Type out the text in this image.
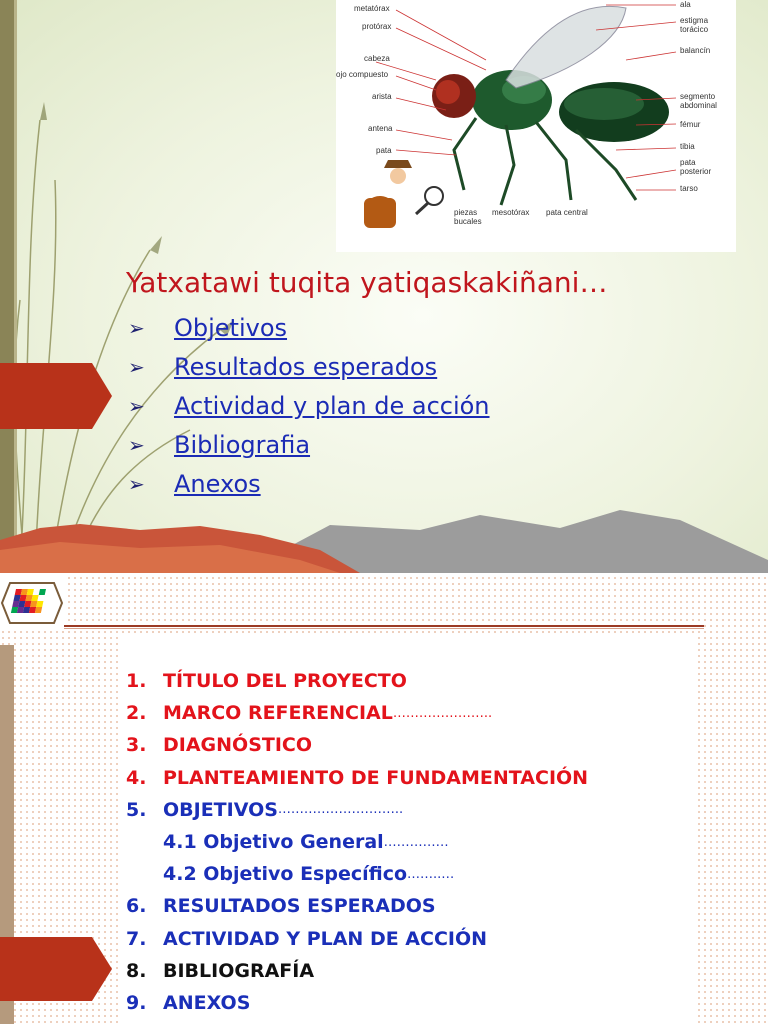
metatórax
protórax
cabeza
ojo compuesto
arista
antena
pata
ala
estigma torácico
balancín
segmento abdominal
fémur
tibia
pata posterior
tarso
piezas bucales
mesotórax pata central
Yatxatawi tuqita yatiqaskakiñani…
➢	Objetivos
➢	Resultados esperados
➢	Actividad y plan de acción
➢	Bibliografia
➢	Anexos
1. TÍTULO DEL PROYECTO
2. MARCO REFERENCIAL …………………..
3. DIAGNÓSTICO
4. PLANTEAMIENTO DE FUNDAMENTACIÓN
5. OBJETIVOS ………………………..
4.1 Objetivo General ……………
4.2 Objetivo Específico ……..…
6. RESULTADOS ESPERADOS
7. ACTIVIDAD Y PLAN DE ACCIÓN
8. BIBLIOGRAFÍA
9. ANEXOS
